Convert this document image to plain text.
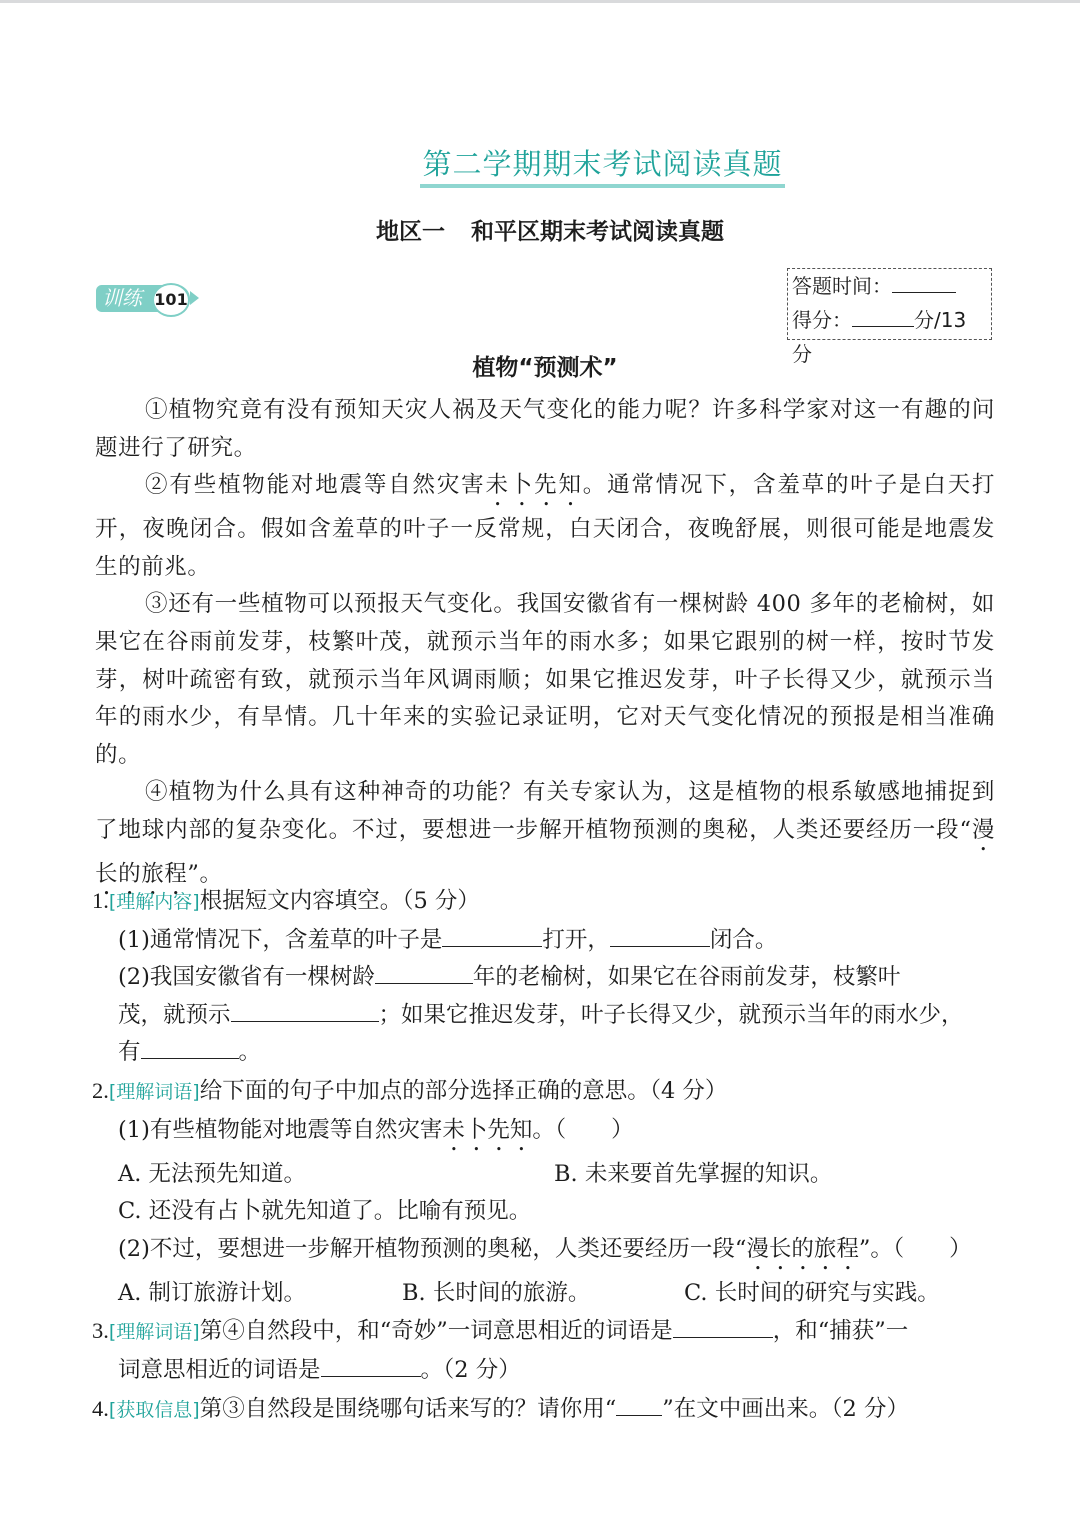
第二学期期末考试阅读真题
地区一 和平区期末考试阅读真题
训练 101
答题时间：
得分：	分/13 分
植物“预测术”

①植物究竟有没有预知天灾人祸及天气变化的能力呢？许多科学家对这一有趣的问题进行了研究。

②有些植物能对地震等自然灾害未卜先知。通常情况下，含羞草的叶子是白天打开，夜晚闭合。假如含羞草的叶子一反常规，白天闭合，夜晚舒展，则很可能是地震发生的前兆。

③还有一些植物可以预报天气变化。我国安徽省有一棵树龄 400 多年的老榆树，如果它在谷雨前发芽，枝繁叶茂，就预示当年的雨水多；如果它跟别的树一样，按时节发芽，树叶疏密有致，就预示当年风调雨顺；如果它推迟发芽，叶子长得又少，就预示当年的雨水少，有旱情。几十年来的实验记录证明，它对天气变化情况的预报是相当准确的。

④植物为什么具有这种神奇的功能？有关专家认为，这是植物的根系敏感地捕捉到了地球内部的复杂变化。不过，要想进一步解开植物预测的奥秘，人类还要经历一段“漫长的旅程”。

1.[理解内容]根据短文内容填空。（5 分）

(1)通常情况下，含羞草的叶子是	打开，	闭合。
(2)我国安徽省有一棵树龄	年的老榆树，如果它在谷雨前发芽，枝繁叶
茂，就预示	；如果它推迟发芽，叶子长得又少，就预示当年的雨水少，
有	。

2.[理解词语]给下面的句子中加点的部分选择正确的意思。（4 分）

(1)有些植物能对地震等自然灾害未卜先知。（　　）
A. 无法预先知道。	B. 未来要首先掌握的知识。
C. 还没有占卜就先知道了。比喻有预见。
(2)不过，要想进一步解开植物预测的奥秘，人类还要经历一段“漫长的旅程”。（　　）
A. 制订旅游计划。	B. 长时间的旅游。	C. 长时间的研究与实践。

3.[理解词语]第④自然段中，和“奇妙”一词意思相近的词语是	，和“捕获”一

词意思相近的词语是	。（2 分）

4.[获取信息]第③自然段是围绕哪句话来写的？请你用“ ”在文中画出来。（2 分）
